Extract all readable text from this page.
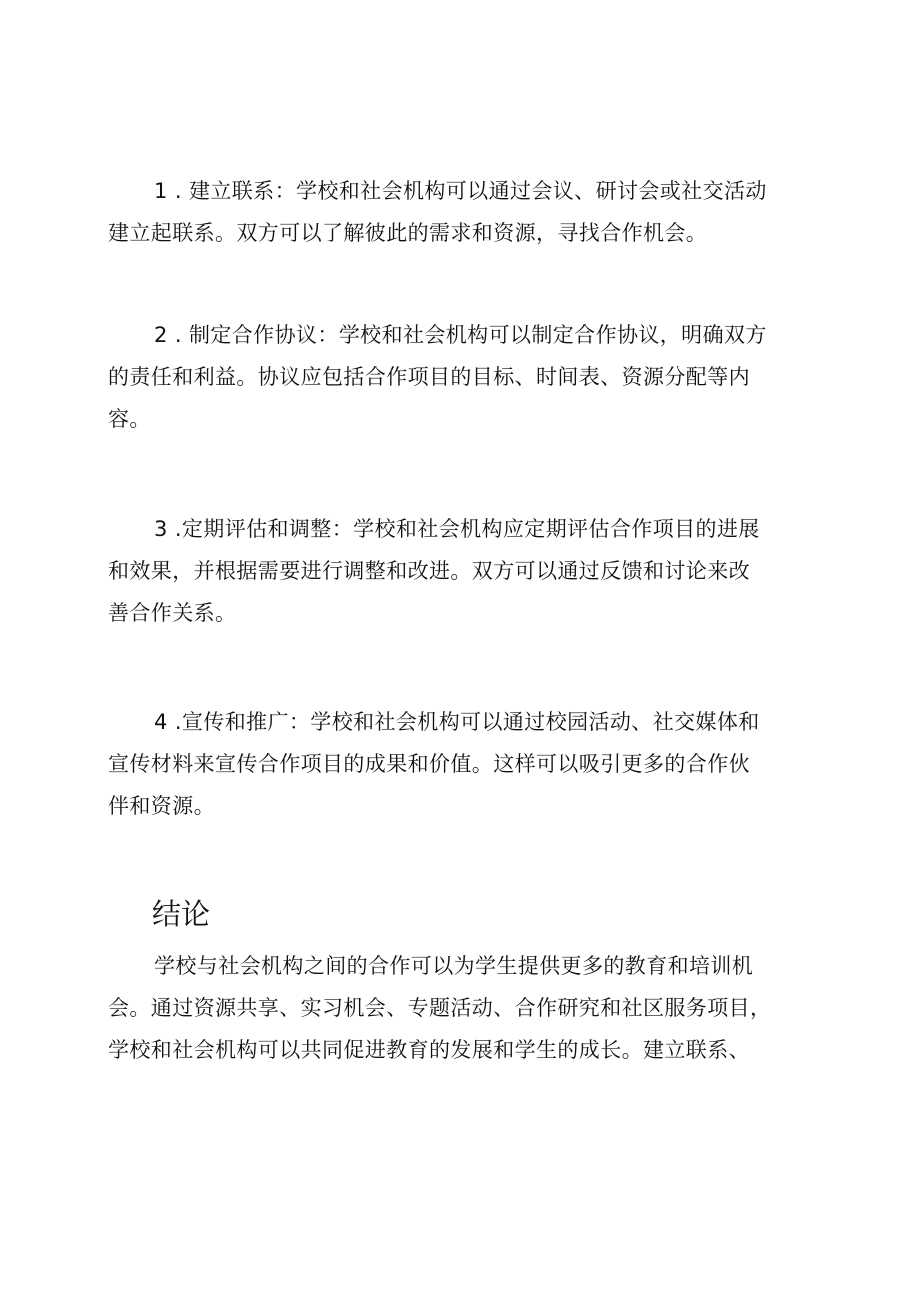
1 . 建立联系：学校和社会机构可以通过会议、研讨会或社交活动
建立起联系。双方可以了解彼此的需求和资源，寻找合作机会。
2 . 制定合作协议：学校和社会机构可以制定合作协议，明确双方
的责任和利益。协议应包括合作项目的目标、时间表、资源分配等内
容。
3 .定期评估和调整：学校和社会机构应定期评估合作项目的进展
和效果，并根据需要进行调整和改进。双方可以通过反馈和讨论来改
善合作关系。
4 .宣传和推广：学校和社会机构可以通过校园活动、社交媒体和
宣传材料来宣传合作项目的成果和价值。这样可以吸引更多的合作伙
伴和资源。
结论
学校与社会机构之间的合作可以为学生提供更多的教育和培训机
会。通过资源共享、实习机会、专题活动、合作研究和社区服务项目，
学校和社会机构可以共同促进教育的发展和学生的成长。建立联系、
